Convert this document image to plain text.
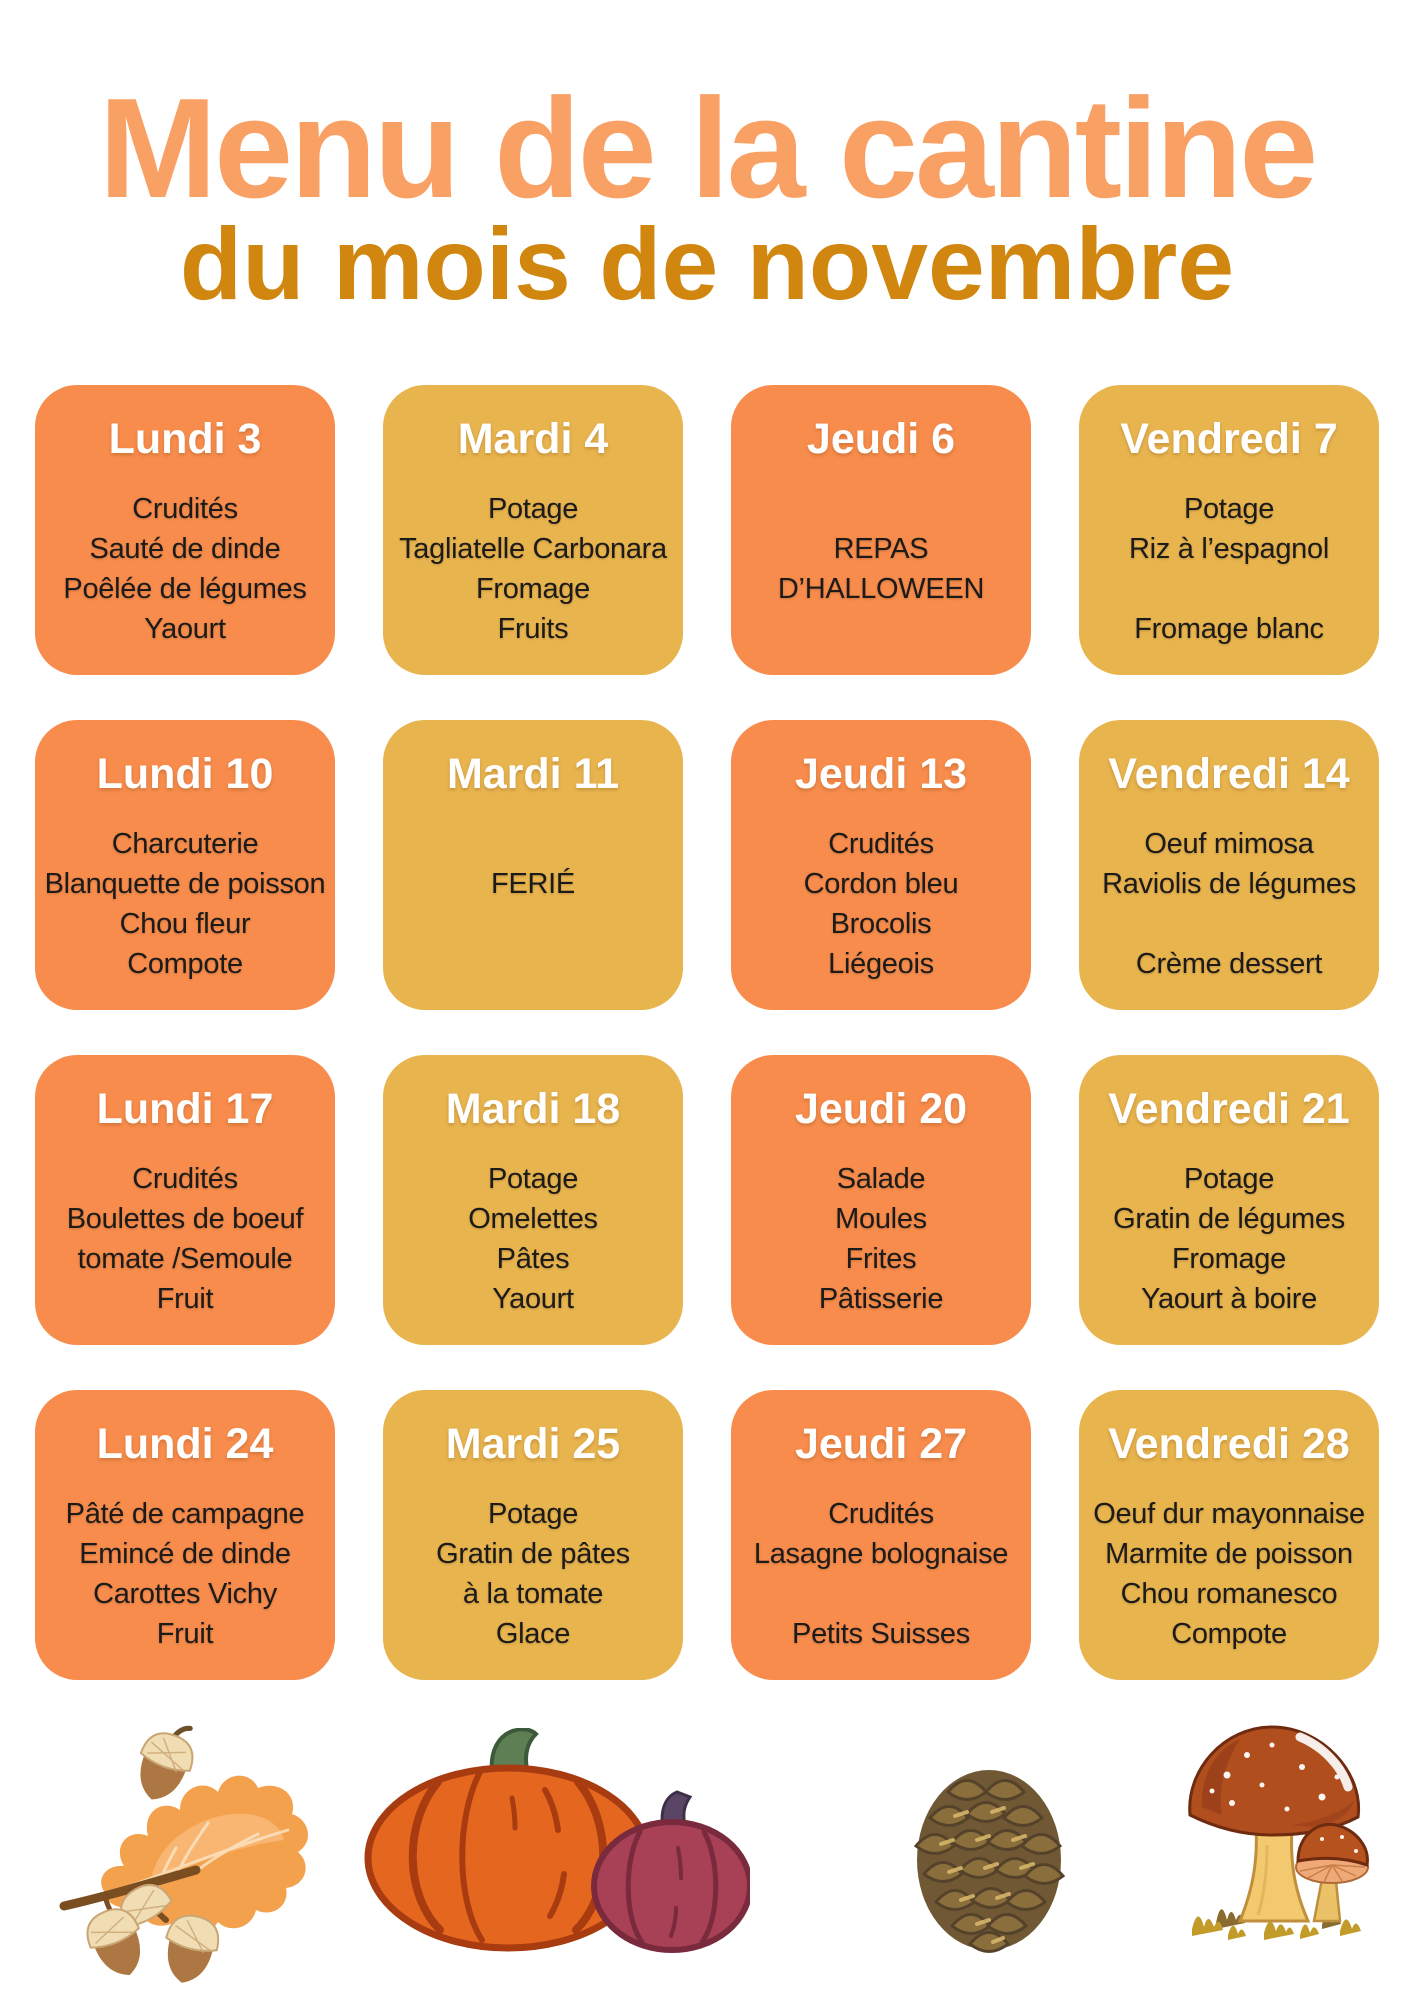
Menu de la cantine
du mois de novembre
Lundi 3

Crudités

Sauté de dinde

Poêlée de légumes

Yaourt

Mardi 4

Potage

Tagliatelle Carbonara

Fromage

Fruits

Jeudi 6

REPAS

D’HALLOWEEN

Vendredi 7

Potage

Riz à l’espagnol

Fromage blanc

Lundi 10

Charcuterie

Blanquette de poisson

Chou fleur

Compote

Mardi 11

FERIÉ

Jeudi 13

Crudités

Cordon bleu

Brocolis

Liégeois

Vendredi 14

Oeuf mimosa

Raviolis de légumes

Crème dessert

Lundi 17

Crudités

Boulettes de boeuf

tomate /Semoule

Fruit

Mardi 18

Potage

Omelettes

Pâtes

Yaourt

Jeudi 20

Salade

Moules

Frites

Pâtisserie

Vendredi 21

Potage

Gratin de légumes

Fromage

Yaourt à boire

Lundi 24

Pâté de campagne

Emincé de dinde

Carottes Vichy

Fruit

Mardi 25

Potage

Gratin de pâtes

à la tomate

Glace

Jeudi 27

Crudités

Lasagne bolognaise

Petits Suisses

Vendredi 28

Oeuf dur mayonnaise

Marmite de poisson

Chou romanesco

Compote
